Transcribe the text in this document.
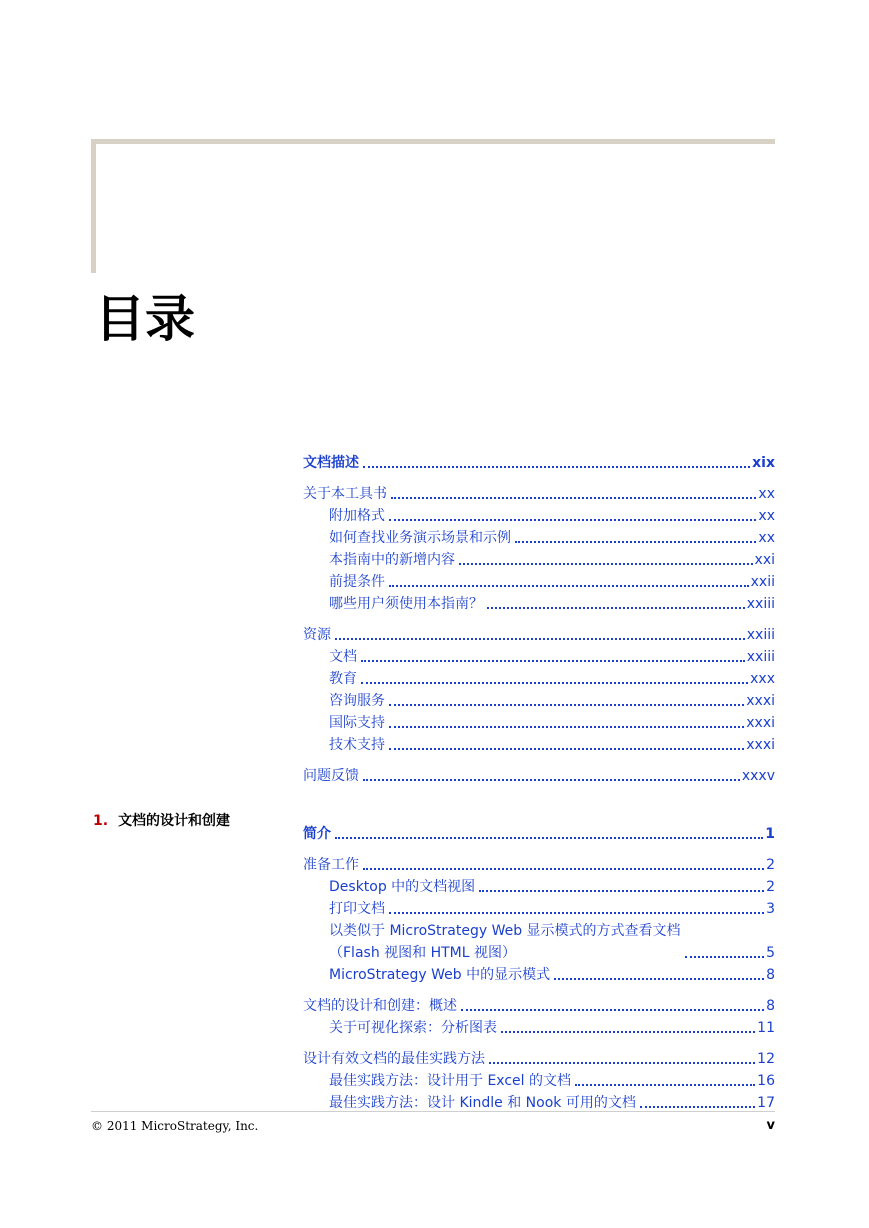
目录
文档描述	xix
关于本工具书	xx
附加格式	xx
如何查找业务演示场景和示例	xx
本指南中的新增内容	xxi
前提条件	xxii
哪些用户须使用本指南？	xxiii
资源	xxiii
文档	xxiii
教育	xxx
咨询服务	xxxi
国际支持	xxxi
技术支持	xxxi
问题反馈	xxxv
简介	1
准备工作	2
Desktop 中的文档视图	2
打印文档	3
以类似于 MicroStrategy Web 显示模式的方式查看文档
（Flash 视图和 HTML 视图）	5
MicroStrategy Web 中的显示模式	8
文档的设计和创建：概述	8
关于可视化探索：分析图表	11
设计有效文档的最佳实践方法	12
最佳实践方法：设计用于 Excel 的文档	16
最佳实践方法：设计 Kindle 和 Nook 可用的文档	17
1. 文档的设计和创建
© 2011 MicroStrategy, Inc.	v
